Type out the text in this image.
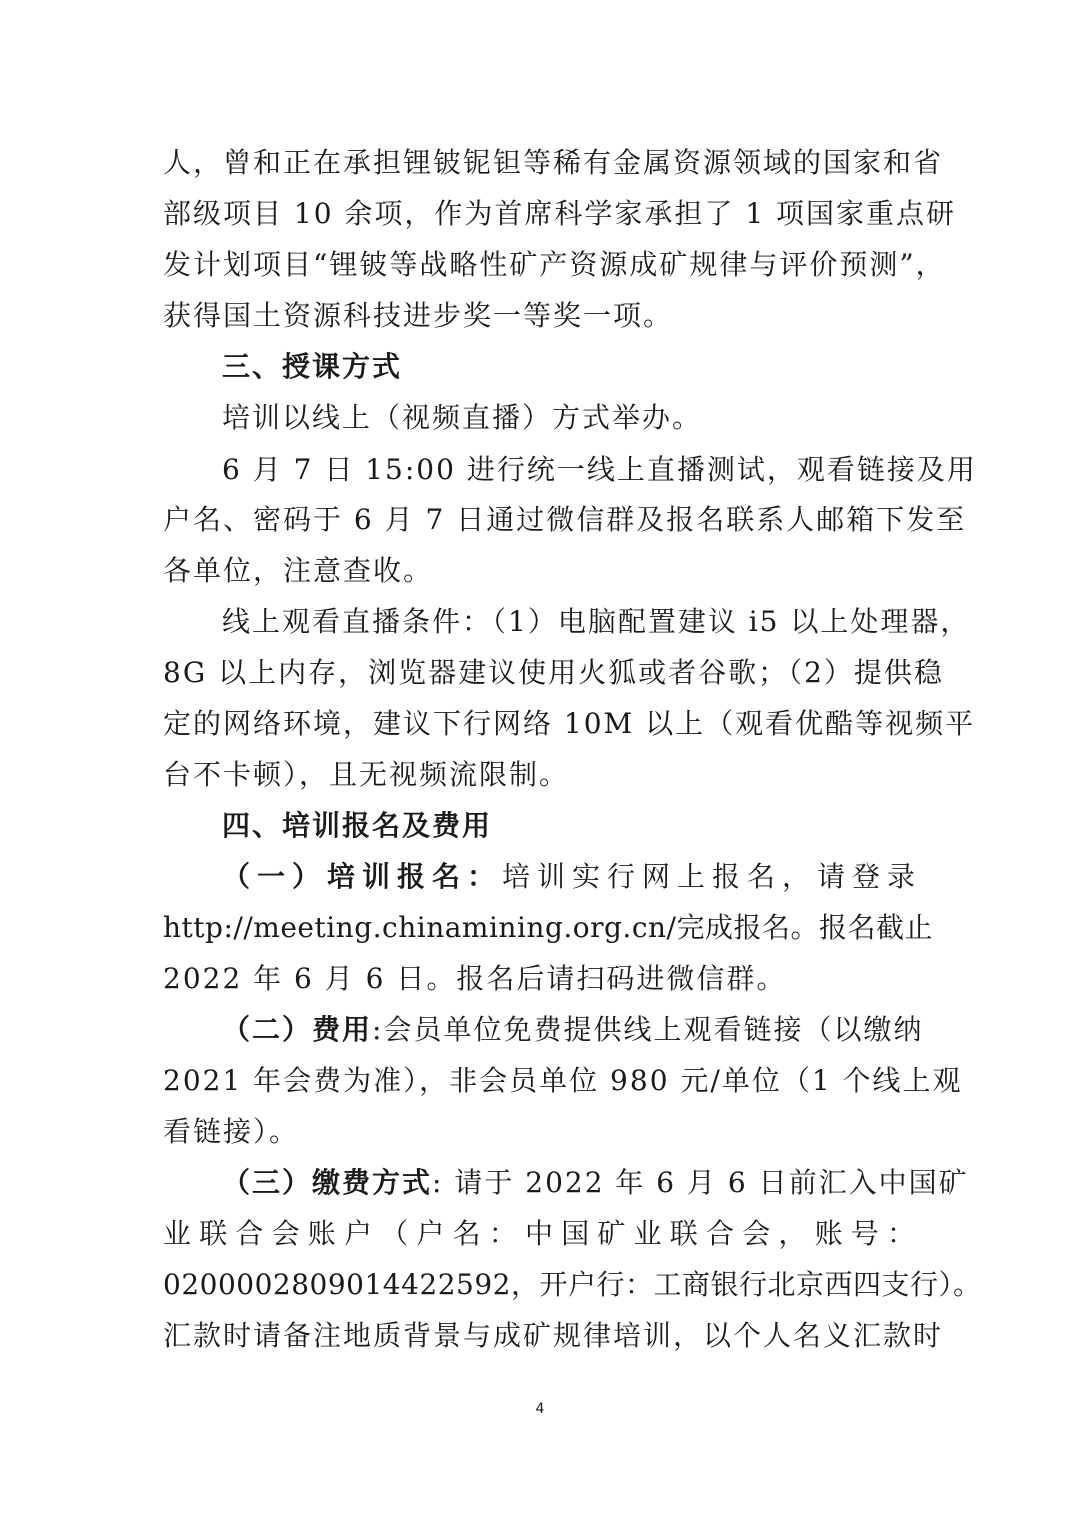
人，曾和正在承担锂铍铌钽等稀有金属资源领域的国家和省
部级项目 10 余项，作为首席科学家承担了 1 项国家重点研
发计划项目“锂铍等战略性矿产资源成矿规律与评价预测”，
获得国土资源科技进步奖一等奖一项。
三、授课方式
培训以线上（视频直播）方式举办。
6 月 7 日 15:00 进行统一线上直播测试，观看链接及用
户名、密码于 6 月 7 日通过微信群及报名联系人邮箱下发至
各单位，注意查收。
线上观看直播条件：（1）电脑配置建议 i5 以上处理器，
8G 以上内存，浏览器建议使用火狐或者谷歌；（2）提供稳
定的网络环境，建议下行网络 10M 以上（观看优酷等视频平
台不卡顿），且无视频流限制。
四、培训报名及费用
（一）培训报名：培训实行网上报名，请登录
http://meeting.chinamining.org.cn/完成报名。报名截止
2022 年 6 月 6 日。报名后请扫码进微信群。
（二）费用:会员单位免费提供线上观看链接（以缴纳
2021 年会费为准），非会员单位 980 元/单位（1 个线上观
看链接）。
（三）缴费方式: 请于 2022 年 6 月 6 日前汇入中国矿
业联合会账户（户名：中国矿业联合会，账号：
0200002809014422592，开户行：工商银行北京西四支行）。
汇款时请备注地质背景与成矿规律培训，以个人名义汇款时
4
